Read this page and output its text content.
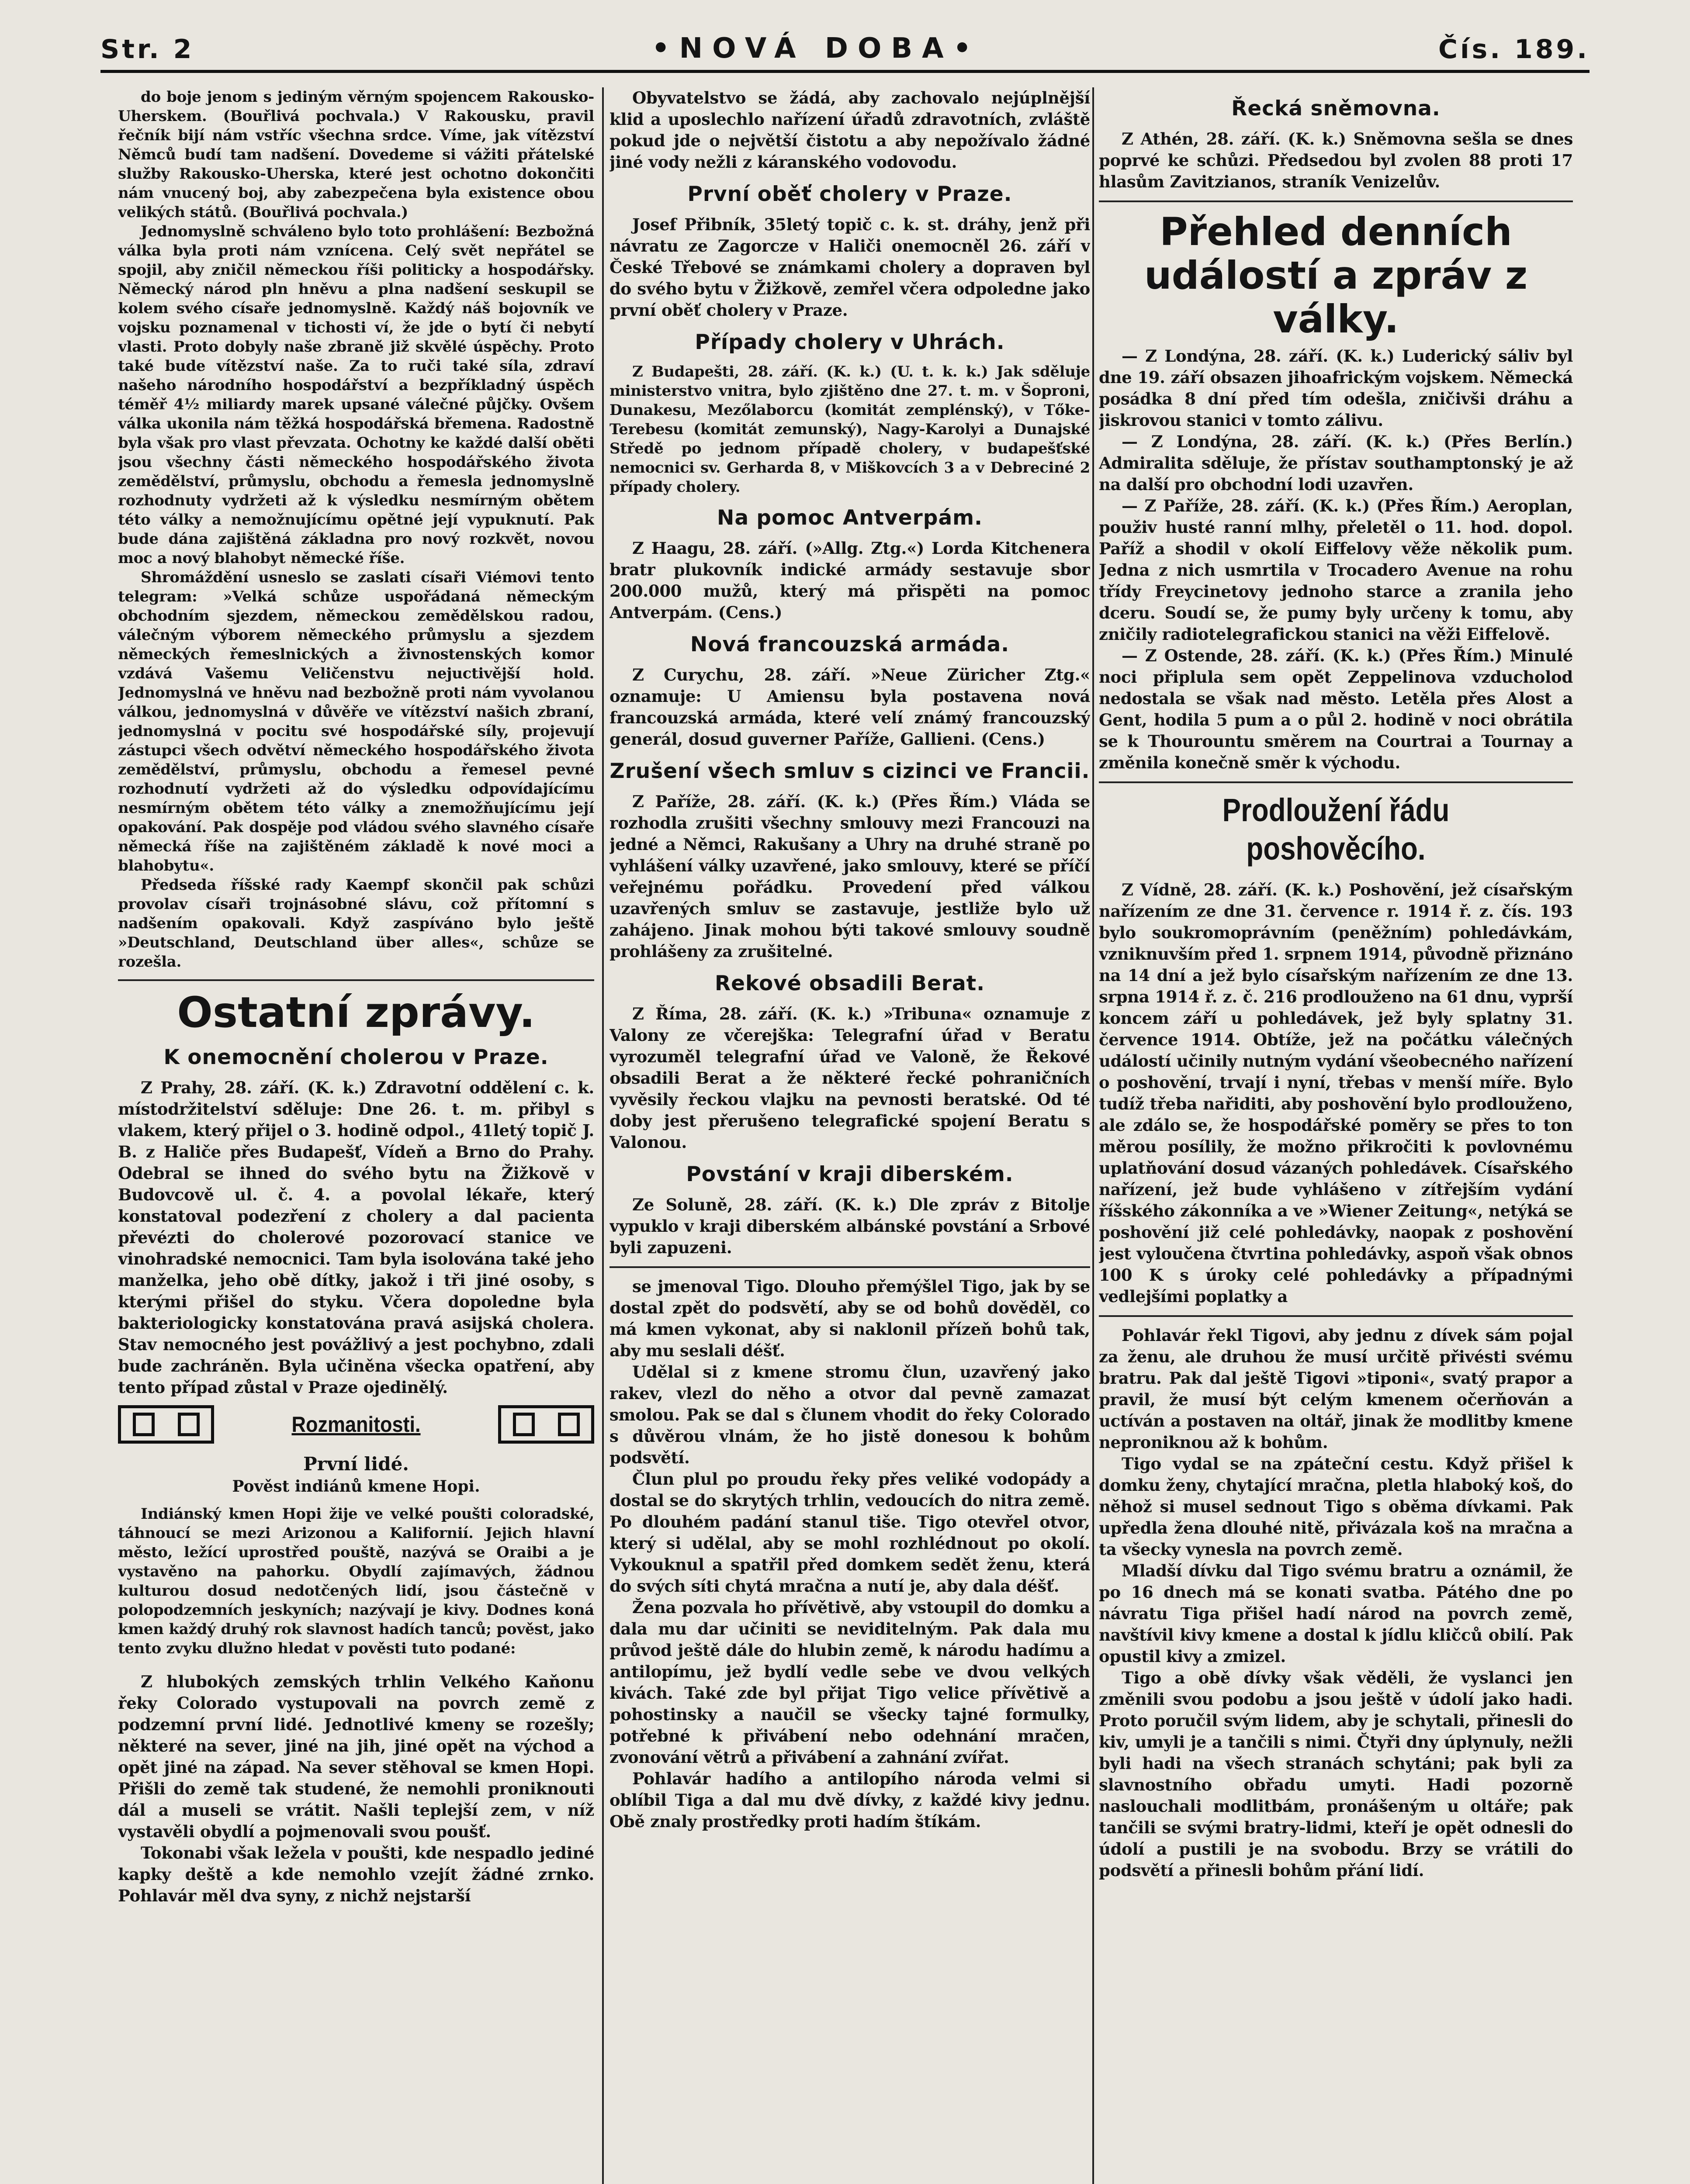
Str. 2	•NOVÁ DOBA•	Čís. 189.

do boje jenom s jediným věrným spojencem Rakousko-Uherskem. (Bouřlivá pochvala.) V Rakousku, pravil řečník bijí nám vstříc všechna srdce. Víme, jak vítězství Němců budí tam nadšení. Dovedeme si vážiti přátelské služby Rakousko-Uherska, které jest ochotno dokončiti nám vnucený boj, aby zabezpečena byla existence obou velikých států. (Bouřlivá pochvala.)

Jednomyslně schváleno bylo toto prohlášení: Bezbožná válka byla proti nám vznícena. Celý svět nepřátel se spojil, aby zničil německou říši politicky a hospodářsky. Německý národ pln hněvu a plna nadšení seskupil se kolem svého císaře jednomyslně. Každý náš bojovník ve vojsku poznamenal v tichosti ví, že jde o bytí či nebytí vlasti. Proto dobyly naše zbraně již skvělé úspěchy. Proto také bude vítězství naše. Za to ruči také síla, zdraví našeho národního hospodářství a bezpříkladný úspěch téměř 4½ miliardy marek upsané válečné půjčky. Ovšem válka ukonila nám těžká hospodářská břemena. Radostně byla však pro vlast převzata. Ochotny ke každé další oběti jsou všechny části německého hospodářského života zemědělství, průmyslu, obchodu a řemesla jednomyslně rozhodnuty vydržeti až k výsledku nesmírným obětem této války a nemožnujícímu opětné její vypuknutí. Pak bude dána zajištěná základna pro nový rozkvět, novou moc a nový blahobyt německé říše.

Shromáždění usneslo se zaslati císaři Viémovi tento telegram: »Velká schůze uspořádaná německým obchodním sjezdem, německou zemědělskou radou, válečným výborem německého průmyslu a sjezdem německých řemeslnických a živnostenských komor vzdává Vašemu Veličenstvu nejuctivější hold. Jednomyslná ve hněvu nad bezbožně proti nám vyvolanou válkou, jednomyslná v důvěře ve vítězství našich zbraní, jednomyslná v pocitu své hospodářské síly, projevují zástupci všech odvětví německého hospodářského života zemědělství, průmyslu, obchodu a řemesel pevné rozhodnutí vydržeti až do výsledku odpovídajícímu nesmírným obětem této války a znemožňujícímu její opakování. Pak dospěje pod vládou svého slavného císaře německá říše na zajištěném základě k nové moci a blahobytu«.

Předseda říšské rady Kaempf skončil pak schůzi provolav císaři trojnásobné slávu, což přítomní s nadšením opakovali. Když zaspíváno bylo ještě »Deutschland, Deutschland über alles«, schůze se rozešla.

Ostatní zprávy.
K onemocnění cholerou v Praze.

Z Prahy, 28. září. (K. k.) Zdravotní oddělení c. k. místodržitelství sděluje: Dne 26. t. m. přibyl s vlakem, který přijel o 3. hodině odpol., 41letý topič J. B. z Haliče přes Budapešť, Vídeň a Brno do Prahy. Odebral se ihned do svého bytu na Žižkově v Budovcově ul. č. 4. a povolal lékaře, který konstatoval podezření z cholery a dal pacienta převézti do cholerové pozorovací stanice ve vinohradské nemocnici. Tam byla isolována také jeho manželka, jeho obě dítky, jakož i tři jiné osoby, s kterými přišel do styku. Včera dopoledne byla bakteriologicky konstatována pravá asijská cholera. Stav nemocného jest povážlivý a jest pochybno, zdali bude zachráněn. Byla učiněna všecka opatření, aby tento případ zůstal v Praze ojedinělý.

Rozmanitosti.
První lidé.
Pověst indiánů kmene Hopi.

Indiánský kmen Hopi žije ve velké poušti coloradské, táhnoucí se mezi Arizonou a Kalifornií. Jejich hlavní město, ležící uprostřed pouště, nazývá se Oraibi a je vystavěno na pahorku. Obydlí zajímavých, žádnou kulturou dosud nedotčených lidí, jsou částečně v polopodzemních jeskyních; nazývají je kivy. Dodnes koná kmen každý druhý rok slavnost hadích tanců; pověst, jako tento zvyku dlužno hledat v pověsti tuto podané:

Z hlubokých zemských trhlin Velkého Kaňonu řeky Colorado vystupovali na povrch země z podzemní první lidé. Jednotlivé kmeny se rozešly; některé na sever, jiné na jih, jiné opět na východ a opět jiné na západ. Na sever stěhoval se kmen Hopi. Přišli do země tak studené, že nemohli proniknouti dál a museli se vrátit. Našli teplejší zem, v níž vystavěli obydlí a pojmenovali svou poušť.

Tokonabi však ležela v poušti, kde nespadlo jediné kapky deště a kde nemohlo vzejít žádné zrnko. Pohlavár měl dva syny, z nichž nejstarší

Obyvatelstvo se žádá, aby zachovalo nejúplnější klid a uposlechlo nařízení úřadů zdravotních, zvláště pokud jde o největší čistotu a aby nepožívalo žádné jiné vody nežli z káranského vodovodu.

První oběť cholery v Praze.

Josef Přibník, 35letý topič c. k. st. dráhy, jenž při návratu ze Zagorcze v Haliči onemocněl 26. září v České Třebové se známkami cholery a dopraven byl do svého bytu v Žižkově, zemřel včera odpoledne jako první oběť cholery v Praze.

Případy cholery v Uhrách.

Z Budapešti, 28. září. (K. k.) (U. t. k. k.) Jak sděluje ministerstvo vnitra, bylo zjištěno dne 27. t. m. v Šoproni, Dunakesu, Mezőlaborcu (komitát zemplénský), v Tőke-Terebesu (komitát zemunský), Nagy-Karolyi a Dunajské Středě po jednom případě cholery, v budapešťské nemocnici sv. Gerharda 8, v Miškovcích 3 a v Debreciné 2 případy cholery.

Na pomoc Antverpám.

Z Haagu, 28. září. (»Allg. Ztg.«) Lorda Kitchenera bratr plukovník indické armády sestavuje sbor 200.000 mužů, který má přispěti na pomoc Antverpám. (Cens.)

Nová francouzská armáda.

Z Curychu, 28. září. »Neue Züricher Ztg.« oznamuje: U Amiensu byla postavena nová francouzská armáda, které velí známý francouzský generál, dosud guverner Paříže, Gallieni. (Cens.)

Zrušení všech smluv s cizinci ve Francii.

Z Paříže, 28. září. (K. k.) (Přes Řím.) Vláda se rozhodla zrušiti všechny smlouvy mezi Francouzi na jedné a Němci, Rakušany a Uhry na druhé straně po vyhlášení války uzavřené, jako smlouvy, které se příčí veřejnému pořádku. Provedení před válkou uzavřených smluv se zastavuje, jestliže bylo už zahájeno. Jinak mohou býti takové smlouvy soudně prohlášeny za zrušitelné.

Rekové obsadili Berat.

Z Říma, 28. září. (K. k.) »Tribuna« oznamuje z Valony ze včerejška: Telegrafní úřad v Beratu vyrozuměl telegrafní úřad ve Valoně, že Řekové obsadili Berat a že některé řecké pohraničních vyvěsily řeckou vlajku na pevnosti beratské. Od té doby jest přerušeno telegrafické spojení Beratu s Valonou.

Povstání v kraji diberském.

Ze Soluně, 28. září. (K. k.) Dle zpráv z Bitolje vypuklo v kraji diberském albánské povstání a Srbové byli zapuzeni.

se jmenoval Tigo. Dlouho přemýšlel Tigo, jak by se dostal zpět do podsvětí, aby se od bohů dověděl, co má kmen vykonat, aby si naklonil přízeň bohů tak, aby mu seslali déšť.

Udělal si z kmene stromu člun, uzavřený jako rakev, vlezl do něho a otvor dal pevně zamazat smolou. Pak se dal s člunem vhodit do řeky Colorado s důvěrou vlnám, že ho jistě donesou k bohům podsvětí.

Člun plul po proudu řeky přes veliké vodopády a dostal se do skrytých trhlin, vedoucích do nitra země. Po dlouhém padání stanul tiše. Tigo otevřel otvor, který si udělal, aby se mohl rozhlédnout po okolí. Vykouknul a spatřil před domkem sedět ženu, která do svých síti chytá mračna a nutí je, aby dala déšť.

Žena pozvala ho přívětivě, aby vstoupil do domku a dala mu dar učiniti se neviditelným. Pak dala mu průvod ještě dále do hlubin země, k národu hadímu a antilopímu, jež bydlí vedle sebe ve dvou velkých kivách. Také zde byl přijat Tigo velice přívětivě a pohostinsky a naučil se všecky tajné formulky, potřebné k přivábení nebo odehnání mračen, zvonování větrů a přivábení a zahnání zvířat.

Pohlavár hadího a antilopího národa velmi si oblíbil Tiga a dal mu dvě dívky, z každé kivy jednu. Obě znaly prostředky proti hadím štíkám.

Řecká sněmovna.

Z Athén, 28. září. (K. k.) Sněmovna sešla se dnes poprvé ke schůzi. Předsedou byl zvolen 88 proti 17 hlasům Zavitzianos, straník Venizelův.

Přehled denních událostí a zpráv z války.

— Z Londýna, 28. září. (K. k.) Luderický sáliv byl dne 19. září obsazen jihoafrickým vojskem. Německá posádka 8 dní před tím odešla, zničivši dráhu a jiskrovou stanici v tomto zálivu.

— Z Londýna, 28. září. (K. k.) (Přes Berlín.) Admiralita sděluje, že přístav southamptonský je až na další pro obchodní lodi uzavřen.

— Z Paříže, 28. září. (K. k.) (Přes Řím.) Aeroplan, použiv husté ranní mlhy, přeletěl o 11. hod. dopol. Paříž a shodil v okolí Eiffelovy věže několik pum. Jedna z nich usmrtila v Trocadero Avenue na rohu třídy Freycinetovy jednoho starce a zranila jeho dceru. Soudí se, že pumy byly určeny k tomu, aby zničily radiotelegrafickou stanici na věži Eiffelově.

— Z Ostende, 28. září. (K. k.) (Přes Řím.) Minulé noci připlula sem opět Zeppelinova vzducholoď nedostala se však nad město. Letěla přes Alost a Gent, hodila 5 pum a o půl 2. hodině v noci obrátila se k Thourountu směrem na Courtrai a Tournay a změnila konečně směr k východu.

Prodloužení řádu poshověcího.

Z Vídně, 28. září. (K. k.) Poshovění, jež císařským nařízením ze dne 31. července r. 1914 ř. z. čís. 193 bylo soukromoprávním (peněžním) pohledávkám, vzniknuvším před 1. srpnem 1914, původně přiznáno na 14 dní a jež bylo císařským nařízením ze dne 13. srpna 1914 ř. z. č. 216 prodlouženo na 61 dnu, vyprší koncem září u pohledávek, jež byly splatny 31. července 1914. Obtíže, jež na počátku válečných událostí učinily nutným vydání všeobecného nařízení o poshovění, trvají i nyní, třebas v menší míře. Bylo tudíž třeba nařiditi, aby poshovění bylo prodlouženo, ale zdálo se, že hospodářské poměry se přes to ton měrou posílily, že možno přikročiti k povlovnému uplatňování dosud vázaných pohledávek. Císařského nařízení, jež bude vyhlášeno v zítřejším vydání říšského zákonníka a ve »Wiener Zeitung«, netýká se poshovění již celé pohledávky, naopak z poshovění jest vyloučena čtvrtina pohledávky, aspoň však obnos 100 K s úroky celé pohledávky a případnými vedlejšími poplatky a

Pohlavár řekl Tigovi, aby jednu z dívek sám pojal za ženu, ale druhou že musí určitě přivésti svému bratru. Pak dal ještě Tigovi »tiponi«, svatý prapor a pravil, že musí být celým kmenem očerňován a uctíván a postaven na oltář, jinak že modlitby kmene neproniknou až k bohům.

Tigo vydal se na zpáteční cestu. Když přišel k domku ženy, chytající mračna, pletla hlaboký koš, do něhož si musel sednout Tigo s oběma dívkami. Pak upředla žena dlouhé nitě, přivázala koš na mračna a ta všecky vynesla na povrch země.

Mladší dívku dal Tigo svému bratru a oznámil, že po 16 dnech má se konati svatba. Pátého dne po návratu Tiga přišel hadí národ na povrch země, navštívil kivy kmene a dostal k jídlu kličců obilí. Pak opustil kivy a zmizel.

Tigo a obě dívky však věděli, že vyslanci jen změnili svou podobu a jsou ještě v údolí jako hadi. Proto poručil svým lidem, aby je schytali, přinesli do kiv, umyli je a tančili s nimi. Čtyři dny úplynuly, nežli byli hadi na všech stranách schytáni; pak byli za slavnostního obřadu umyti. Hadi pozorně naslouchali modlitbám, pronášeným u oltáře; pak tančili se svými bratry-lidmi, kteří je opět odnesli do údolí a pustili je na svobodu. Brzy se vrátili do podsvětí a přinesli bohům přání lidí.
